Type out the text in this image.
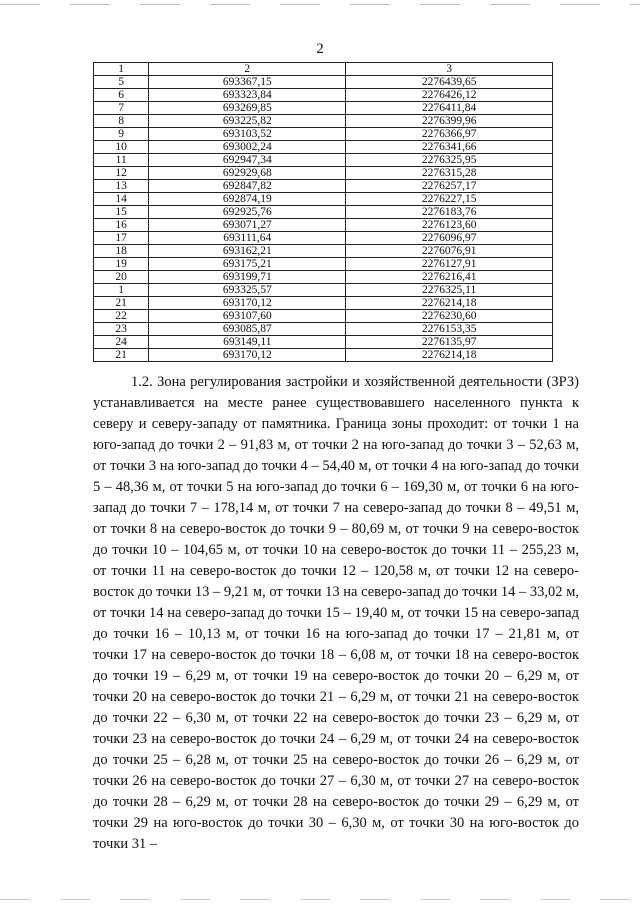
2
1	2	3
5	693367,15	2276439,65
6	693323,84	2276426,12
7	693269,85	2276411,84
8	693225,82	2276399,96
9	693103,52	2276366,97
10	693002,24	2276341,66
11	692947,34	2276325,95
12	692929,68	2276315,28
13	692847,82	2276257,17
14	692874,19	2276227,15
15	692925,76	2276183,76
16	693071,27	2276123,60
17	693111,64	2276096,97
18	693162,21	2276076,91
19	693175,21	2276127,91
20	693199,71	2276216,41
1	693325,57	2276325,11
21	693170,12	2276214,18
22	693107,60	2276230,60
23	693085,87	2276153,35
24	693149,11	2276135,97
21	693170,12	2276214,18

1.2. Зона регулирования застройки и хозяйственной деятельности (ЗРЗ) устанавливается на месте ранее существовавшего населенного пункта к северу и северу-западу от памятника. Граница зоны проходит: от точки 1 на юго-запад до точки 2 – 91,83 м, от точки 2 на юго-запад до точки 3 – 52,63 м, от точки 3 на юго-запад до точки 4 – 54,40 м, от точки 4 на юго-запад до точки 5 – 48,36 м, от точки 5 на юго-запад до точки 6 – 169,30 м, от точки 6 на юго-запад до точки 7 – 178,14 м, от точки 7 на северо-запад до точки 8 – 49,51 м, от точки 8 на северо-восток до точки 9 – 80,69 м, от точки 9 на северо-восток до точки 10 – 104,65 м, от точки 10 на северо-восток до точки 11 – 255,23 м, от точки 11 на северо-восток до точки 12 – 120,58 м, от точки 12 на северо-восток до точки 13 – 9,21 м, от точки 13 на северо-запад до точки 14 – 33,02 м, от точки 14 на северо-запад до точки 15 – 19,40 м, от точки 15 на северо-запад до точки 16 – 10,13 м, от точки 16 на юго-запад до точки 17 – 21,81 м, от точки 17 на северо-восток до точки 18 – 6,08 м, от точки 18 на северо-восток до точки 19 – 6,29 м, от точки 19 на северо-восток до точки 20 – 6,29 м, от точки 20 на северо-восток до точки 21 – 6,29 м, от точки 21 на северо-восток до точки 22 – 6,30 м, от точки 22 на северо-восток до точки 23 – 6,29 м, от точки 23 на северо-восток до точки 24 – 6,29 м, от точки 24 на северо-восток до точки 25 – 6,28 м, от точки 25 на северо-восток до точки 26 – 6,29 м, от точки 26 на северо-восток до точки 27 – 6,30 м, от точки 27 на северо-восток до точки 28 – 6,29 м, от точки 28 на северо-восток до точки 29 – 6,29 м, от точки 29 на юго-восток до точки 30 – 6,30 м, от точки 30 на юго-восток до точки 31 –
